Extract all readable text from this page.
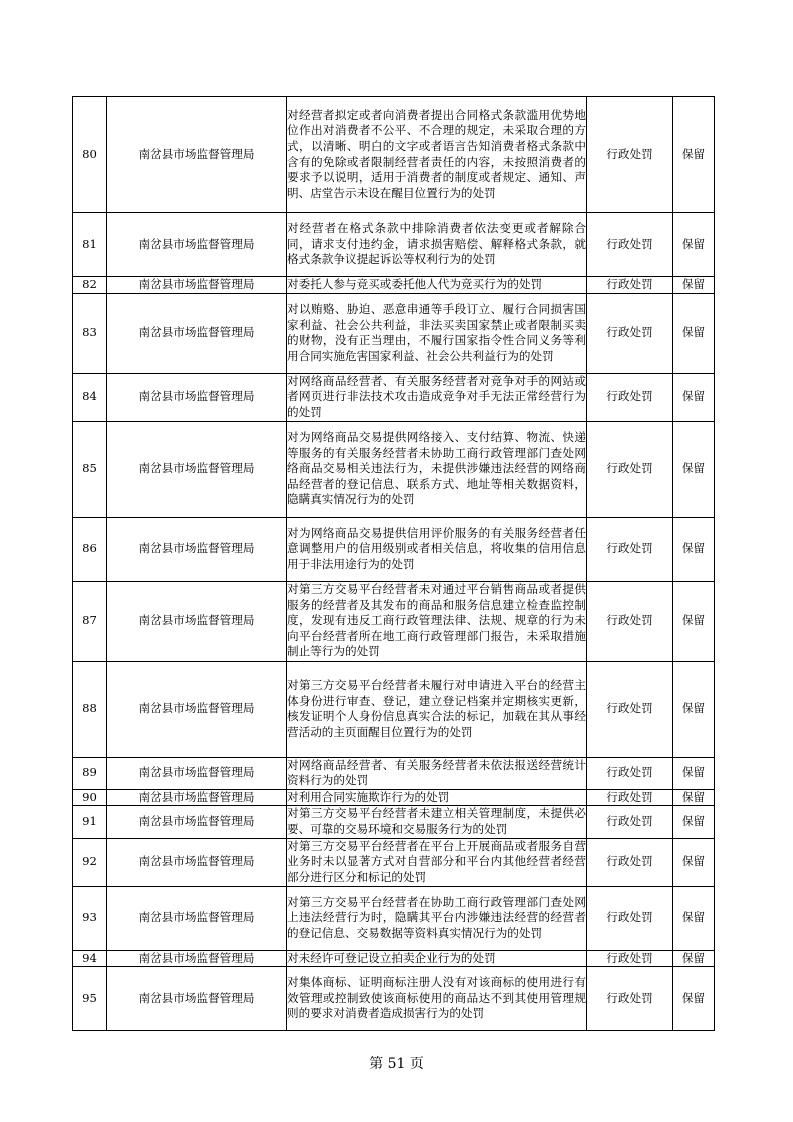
80	南岔县市场监督管理局	对经营者拟定或者向消费者提出合同格式条款滥用优势地位作出对消费者不公平、不合理的规定，未采取合理的方式，以清晰、明白的文字或者语言告知消费者格式条款中含有的免除或者限制经营者责任的内容，未按照消费者的要求予以说明，适用于消费者的制度或者规定、通知、声明、店堂告示未设在醒目位置行为的处罚	行政处罚	保留
81	南岔县市场监督管理局	对经营者在格式条款中排除消费者依法变更或者解除合同，请求支付违约金，请求损害赔偿、解释格式条款，就格式条款争议提起诉讼等权利行为的处罚	行政处罚	保留
82	南岔县市场监督管理局	对委托人参与竞买或委托他人代为竞买行为的处罚	行政处罚	保留
83	南岔县市场监督管理局	对以贿赂、胁迫、恶意串通等手段订立、履行合同损害国家利益、社会公共利益，非法买卖国家禁止或者限制买卖的财物，没有正当理由，不履行国家指令性合同义务等利用合同实施危害国家利益、社会公共利益行为的处罚	行政处罚	保留
84	南岔县市场监督管理局	对网络商品经营者、有关服务经营者对竞争对手的网站或者网页进行非法技术攻击造成竞争对手无法正常经营行为的处罚	行政处罚	保留
85	南岔县市场监督管理局	对为网络商品交易提供网络接入、支付结算、物流、快递等服务的有关服务经营者未协助工商行政管理部门查处网络商品交易相关违法行为，未提供涉嫌违法经营的网络商品经营者的登记信息、联系方式、地址等相关数据资料，隐瞒真实情况行为的处罚	行政处罚	保留
86	南岔县市场监督管理局	对为网络商品交易提供信用评价服务的有关服务经营者任意调整用户的信用级别或者相关信息，将收集的信用信息用于非法用途行为的处罚	行政处罚	保留
87	南岔县市场监督管理局	对第三方交易平台经营者未对通过平台销售商品或者提供服务的经营者及其发布的商品和服务信息建立检查监控制度，发现有违反工商行政管理法律、法规、规章的行为未向平台经营者所在地工商行政管理部门报告，未采取措施制止等行为的处罚	行政处罚	保留
88	南岔县市场监督管理局	对第三方交易平台经营者未履行对申请进入平台的经营主体身份进行审查、登记，建立登记档案并定期核实更新，核发证明个人身份信息真实合法的标记，加载在其从事经营活动的主页面醒目位置行为的处罚	行政处罚	保留
89	南岔县市场监督管理局	对网络商品经营者、有关服务经营者未依法报送经营统计资料行为的处罚	行政处罚	保留
90	南岔县市场监督管理局	对利用合同实施欺诈行为的处罚	行政处罚	保留
91	南岔县市场监督管理局	对第三方交易平台经营者未建立相关管理制度，未提供必要、可靠的交易环境和交易服务行为的处罚	行政处罚	保留
92	南岔县市场监督管理局	对第三方交易平台经营者在平台上开展商品或者服务自营业务时未以显著方式对自营部分和平台内其他经营者经营部分进行区分和标记的处罚	行政处罚	保留
93	南岔县市场监督管理局	对第三方交易平台经营者在协助工商行政管理部门查处网上违法经营行为时，隐瞒其平台内涉嫌违法经营的经营者的登记信息、交易数据等资料真实情况行为的处罚	行政处罚	保留
94	南岔县市场监督管理局	对未经许可登记设立拍卖企业行为的处罚	行政处罚	保留
95	南岔县市场监督管理局	对集体商标、证明商标注册人没有对该商标的使用进行有效管理或控制致使该商标使用的商品达不到其使用管理规则的要求对消费者造成损害行为的处罚	行政处罚	保留
第 51 页
